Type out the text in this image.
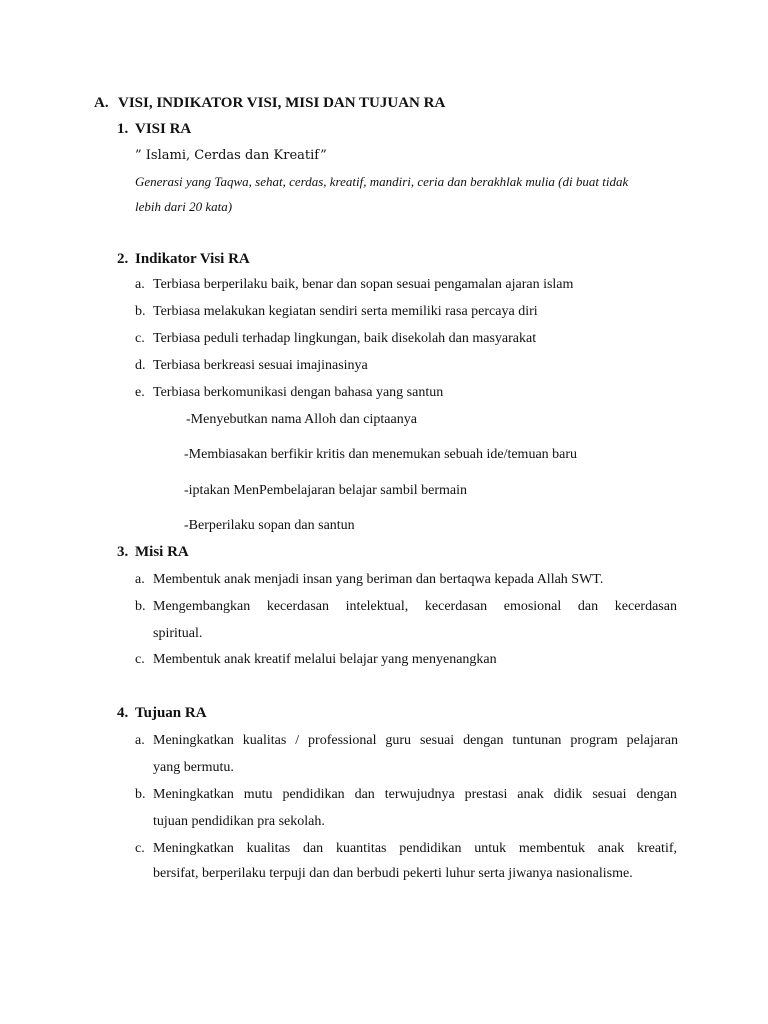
A. VISI, INDIKATOR VISI, MISI DAN TUJUAN RA
1. VISI RA
” Islami, Cerdas dan Kreatif”
Generasi yang Taqwa, sehat, cerdas, kreatif, mandiri, ceria dan berakhlak mulia (di buat tidak
lebih dari 20 kata)
2. Indikator Visi RA
a. Terbiasa berperilaku baik, benar dan sopan sesuai pengamalan ajaran islam
b. Terbiasa melakukan kegiatan sendiri serta memiliki rasa percaya diri
c. Terbiasa peduli terhadap lingkungan, baik disekolah dan masyarakat
d. Terbiasa berkreasi sesuai imajinasinya
e. Terbiasa berkomunikasi dengan bahasa yang santun
-Menyebutkan nama Alloh dan ciptaanya
-Membiasakan berfikir kritis dan menemukan sebuah ide/temuan baru
-iptakan MenPembelajaran belajar sambil bermain
-Berperilaku sopan dan santun
3. Misi RA
a. Membentuk anak menjadi insan yang beriman dan bertaqwa kepada Allah SWT.
b. Mengembangkan kecerdasan intelektual, kecerdasan emosional dan kecerdasan
spiritual.
c. Membentuk anak kreatif melalui belajar yang menyenangkan
4. Tujuan RA
a. Meningkatkan kualitas / professional guru sesuai dengan tuntunan program pelajaran
yang bermutu.
b. Meningkatkan mutu pendidikan dan terwujudnya prestasi anak didik sesuai dengan
tujuan pendidikan pra sekolah.
c. Meningkatkan kualitas dan kuantitas pendidikan untuk membentuk anak kreatif,
bersifat, berperilaku terpuji dan dan berbudi pekerti luhur serta jiwanya nasionalisme.
